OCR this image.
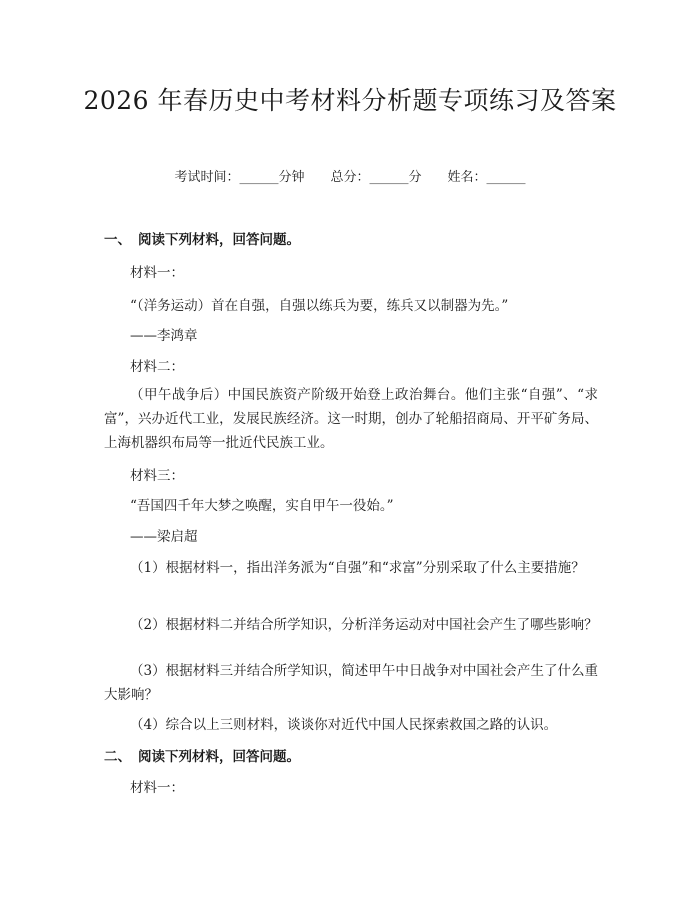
2026 年春历史中考材料分析题专项练习及答案
考试时间：______分钟 总分：______分 姓名：______
一、 阅读下列材料，回答问题。
材料一：
“（洋务运动）首在自强，自强以练兵为要，练兵又以制器为先。”
——李鸿章
材料二：
（甲午战争后）中国民族资产阶级开始登上政治舞台。他们主张“自强”、“求富”，兴办近代工业，发展民族经济。这一时期，创办了轮船招商局、开平矿务局、上海机器织布局等一批近代民族工业。
材料三：
“吾国四千年大梦之唤醒，实自甲午一役始。”
——梁启超
（1）根据材料一，指出洋务派为“自强”和“求富”分别采取了什么主要措施？
（2）根据材料二并结合所学知识，分析洋务运动对中国社会产生了哪些影响？
（3）根据材料三并结合所学知识，简述甲午中日战争对中国社会产生了什么重大影响？
（4）综合以上三则材料，谈谈你对近代中国人民探索救国之路的认识。
二、 阅读下列材料，回答问题。
材料一：
